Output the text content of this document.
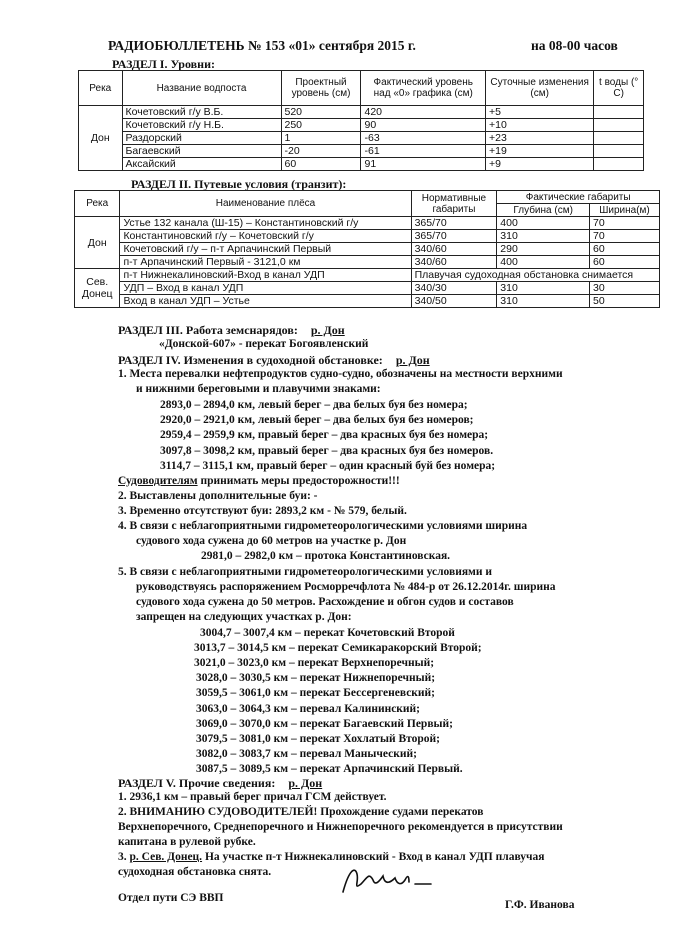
РАДИОБЮЛЛЕТЕНЬ № 153 «01» сентября 2015 г.	на 08-00 часов
РАЗДЕЛ I. Уровни:
Река	Название водпоста	Проектный уровень (см)	Фактический уровень над «0» графика (см)	Суточные изменения (см)	t воды (° С)
Дон	Кочетовский г/у В.Б.	520	420	+5	
	Кочетовский г/у Н.Б.	250	90	+10	
	Раздорский	1	-63	+23	
	Багаевский	-20	-61	+19	
	Аксайский	60	91	+9	
РАЗДЕЛ II. Путевые условия (транзит):
Река	Наименование плёса	Нормативные габариты	Фактические габариты	
			Глубина (см)	Ширина(м)
Дон	Устье 132 канала (Ш-15) – Константиновский г/у	365/70	400	70
	Константиновский г/у – Кочетовский г/у	365/70	310	70
	Кочетовский г/у – п-т Арпачинский Первый	340/60	290	60
	п-т Арпачинский Первый - 3121,0 км	340/60	400	60
Сев. Донец	п-т Нижнекалиновский-Вход в канал УДП	Плавучая судоходная обстановка снимается		
	УДП – Вход в канал УДП	340/30	310	30
	Вход в канал УДП – Устье	340/50	310	50
РАЗДЕЛ III. Работа земснарядов: р. Дон
«Донской-607» - перекат Богоявленский
РАЗДЕЛ IV. Изменения в судоходной обстановке: р. Дон
1. Места перевалки нефтепродуктов судно-судно, обозначены на местности верхними
и нижними береговыми и плавучими знаками:
2893,0 – 2894,0 км, левый берег – два белых буя без номера;
2920,0 – 2921,0 км, левый берег – два белых буя без номеров;
2959,4 – 2959,9 км, правый берег – два красных буя без номера;
3097,8 – 3098,2 км, правый берег – два красных буя без номеров.
3114,7 – 3115,1 км, правый берег – один красный буй без номера;
Судоводителям принимать меры предосторожности!!!
2. Выставлены дополнительные буи: -
3. Временно отсутствуют буи: 2893,2 км - № 579, белый.
4. В связи с неблагоприятными гидрометеорологическими условиями ширина
судового хода сужена до 60 метров на участке р. Дон
2981,0 – 2982,0 км – протока Константиновская.
5. В связи с неблагоприятными гидрометеорологическими условиями и
руководствуясь распоряжением Росморречфлота № 484-р от 26.12.2014г. ширина
судового хода сужена до 50 метров. Расхождение и обгон судов и составов
запрещен на следующих участках р. Дон:
3004,7 – 3007,4 км – перекат Кочетовский Второй
3013,7 – 3014,5 км – перекат Семикаракорский Второй;
3021,0 – 3023,0 км – перекат Верхнепоречный;
3028,0 – 3030,5 км – перекат Нижнепоречный;
3059,5 – 3061,0 км – перекат Бессергеневский;
3063,0 – 3064,3 км – перевал Калининский;
3069,0 – 3070,0 км – перекат Багаевский Первый;
3079,5 – 3081,0 км – перекат Хохлатый Второй;
3082,0 – 3083,7 км – перевал Маныческий;
3087,5 – 3089,5 км – перекат Арпачинский Первый.
РАЗДЕЛ V. Прочие сведения: р. Дон
1. 2936,1 км – правый берег причал ГСМ действует.
2. ВНИМАНИЮ СУДОВОДИТЕЛЕЙ! Прохождение судами перекатов
Верхнепоречного, Среднепоречного и Нижнепоречного рекомендуется в присутствии
капитана в рулевой рубке.
3. р. Сев. Донец. На участке п-т Нижнекалиновский - Вход в канал УДП плавучая
судоходная обстановка снята.
Отдел пути СЭ ВВП
Г.Ф. Иванова
